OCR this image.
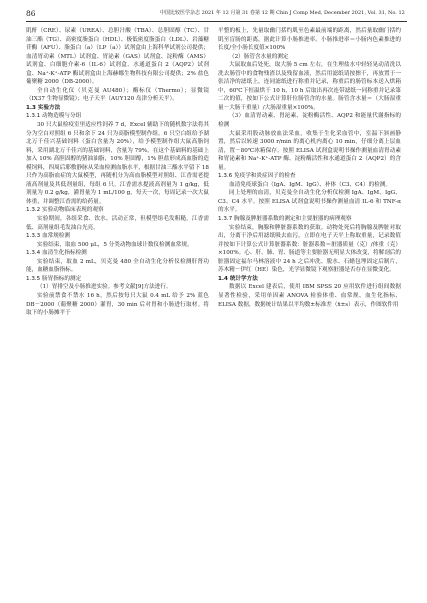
86	中国比较医学杂志 2021 年 12 月第 31 卷第 12 期 Chin J Comp Med, December 2021, Vol. 31, No. 12

肌酐（CRE）、尿素（UREA）、总胆汁酸（TBA）、总胆固醇（TC）、甘油三酯（TG）、高密度脂蛋白（HDL）、极低密度脂蛋白（LDL）、岩藻糖苷酶（AFU）、脂蛋白（a）（LP（a））试剂盒由上海科华试剂公司提供；血清胃动素（MTL）试剂盒、胃泌素（GAS）试剂盒、淀粉酶（AMS）试剂盒、白细胞介素-6（IL-6）试剂盒、水通道蛋白 2（AQP2）试剂盒、Na⁺-K⁺-ATP 酶试剂盒由上海赫娜生物科技有限公司提供；2% 盐色葡聚糖 2000（DB-2000）。

全自动生化仪（贝克曼 AU480）；酶标仪（Thermo）；显微镜（IX37 生物显微镜）；电子天平（AUY120 岛津分析天平）。

1.3 实验方法
1.3.1 动物造模与分组

30 只大鼠检疫室里适应性饲养 7 d，Excel 辅助下的随机数字法将其分为空白对照组 6 只和余下 24 只为高脂模型制作组。6 只空白组给予湖北万千佳兴基础饲料（蛋白含量为 20%），给予模型制作组大鼠高脂饲料，采用湖北万千佳兴的基础饲料，含量为 79%，在这个基础料的基础上加入 10% 高胆固醇的猪油油脂，10% 胆固醇，1% 胆盐形成高血脂的造模饲料，四周后耶敷静脉从采血检测血脂水平，根据甘油三酯水平留下 18 只作为高脂血症的大鼠模型，再随机分为高血脂模型对照组、江香需老提液高剂量及其低剂量组，每组 6 只。江香需水提液高剂量为 1 g/kg，低剂量为 0.2 g/kg，灌胃量为 1 mL/100 g，每天一次，每周记录一次大鼠体重，并调整江香需的给药量。

1.3.2 实验动物临床表现的观察

实验期间，各组采食、饮水、活动正常，但模型组毛发粗糙，江香需低、高剂量组毛发油白光亮。

1.3.3 血常规检测

实验结束，取血 500 μL，5 分类动物血球计数仪检测血常规。

1.3.4 血清生化指标检测

实验结束，取血 2 mL，贝克曼 480 全自动生化分析仪检测肝肾功能，血糖血脂指标。

1.3.5 肠胃指标的测定

（1）胃排空及小肠推进实验。参考文献[9]方法进行。

实验前禁食不禁水 16 h，然后按每只大鼠 0.4 mL 给予 2% 蓝色 DB－2000（葡聚糖 2000）灌胃，30 min 后对胃和小肠进行取材。将取下的小肠摊平于

平整的板上，先量取幽门括约肌至色素最前端的距离，然后量取幽门括约肌至盲肠的距离，据此计算小肠推进率。小肠推进率＝小肠内色素推进的长度/全小肠长度值×100%

（2）肠管含水量的测定

大鼠取血后处死，取大肠 5 cm 左右，在生理盐水中轻轻晃动清洗以洗去肠管中的食物残渣以及残留血液，然后用滤纸请按擦干，再放置于一张洁净的滤纸上，连同滤纸进行称重并记录，称重后的肠管标本送入烘箱中，60℃下恒温烘干 10 h，10 h 后取出再次连带滤纸一同称重并记录第二次的值，按如下公式计算肝位肠管含的水量。肠管含水量＝（大肠湿重量－大肠干重量）/大肠湿重量×100%。

（3）血清胃动素、胃泌素、淀粉酶活性、AQP2 和能量代谢指标的检测

大鼠采用股动脉放血法采血，收集于生化采血管中，室温下斜画静置，然后以转速 3000 r/min 的离心机内离心 10 min，仔细分离上层血清，置－80℃冰箱保存。按照 ELISA 试剂盒说明书操作测量血清胃动素和胃泌素和 Na⁺-K⁺-ATP 酶、淀粉酶活性和水通道蛋白 2（AQP2）的含量。

1.3.6 免疫学和炎症因子的检查

血清免疫球蛋白（IgA、IgM、IgG）、补体（C3、C4）的检测。

同上处理的血清，贝克曼全自动生化分析仪检测 IgA、IgM、IgG、C3、C4 水平。按照 ELISA 试剂盒说明书操作测量血清 IL-6 和 TNF-α 的水平。

1.3.7 胸腺及脾脏器系数的测定和主要脏器的病理观察

实验结束，胸腺和脾脏器系数的获取。动物处死后将胸腺及脾脏对取出，分离干净后用滤纸吸去血污，立即在电子天平上称取重量，记录数值并按如下计算公式计算脏器系数：脏器系数＝脏器质量（克）/体重（克）×100%。心、肝、肺、胃、肠道等主要脏器无明显大体改变，将解剖后的脏器固定福尔马林溶液中 24 h 之后冲洗、脱水、石蜡包埋固定后制片，苏木精－伊红（HE）染色，光学显微镜下观察脏器是否存在显微变化。

1.4 统计学方法

数据以 Excel 建表后，使用 IBM SPSS 20 应用软件进行组间数据显著性检验，采用单因素 ANOVA 检验体重、血常规、血生化指标、ELISA 数据，数据统计结果以平均数±标准差（x̄±s）表示，作图软件用
